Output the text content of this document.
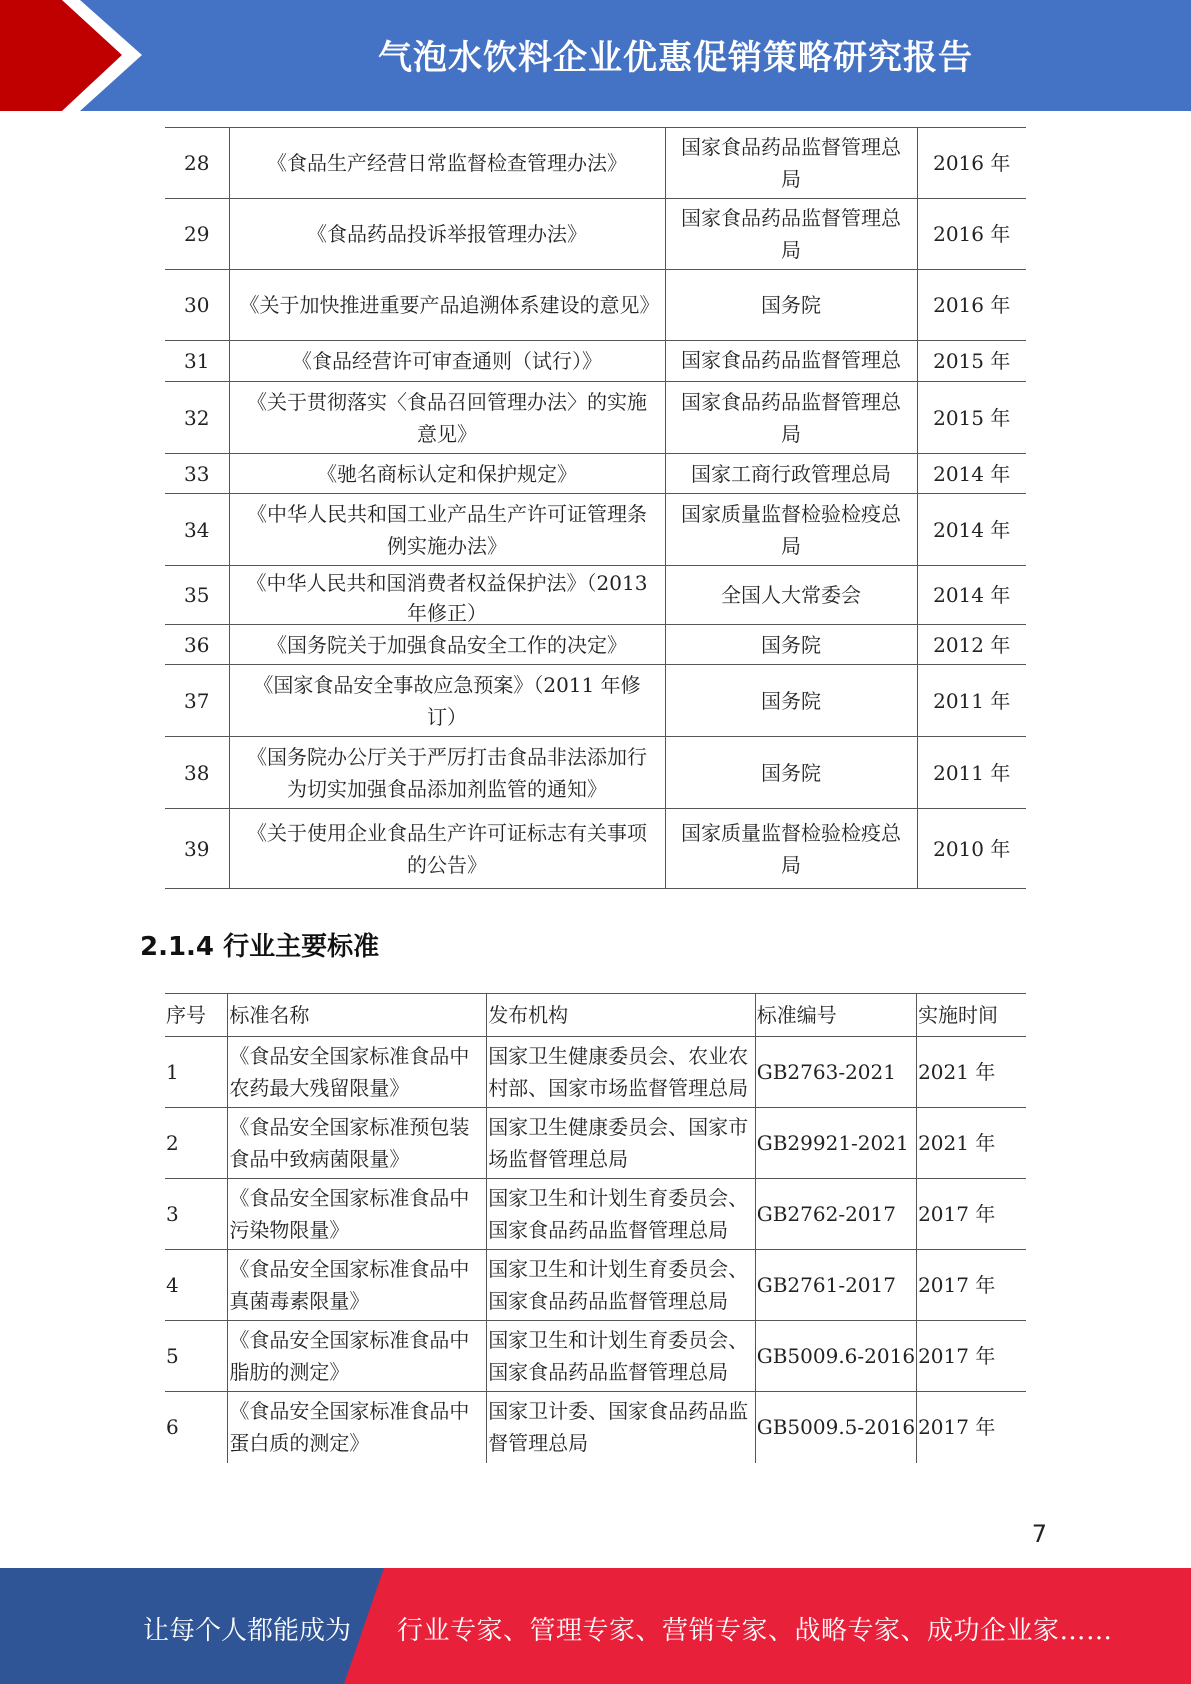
气泡水饮料企业优惠促销策略研究报告
28	《食品生产经营日常监督检查管理办法》	国家食品药品监督管理总局	2016 年
29	《食品药品投诉举报管理办法》	国家食品药品监督管理总局	2016 年
30	《关于加快推进重要产品追溯体系建设的意见》	国务院	2016 年
31	《食品经营许可审查通则（试行）》	国家食品药品监督管理总	2015 年
32	《关于贯彻落实〈食品召回管理办法〉的实施意见》	国家食品药品监督管理总局	2015 年
33	《驰名商标认定和保护规定》	国家工商行政管理总局	2014 年
34	《中华人民共和国工业产品生产许可证管理条例实施办法》	国家质量监督检验检疫总局	2014 年
35	《中华人民共和国消费者权益保护法》（2013 年修正）	全国人大常委会	2014 年
36	《国务院关于加强食品安全工作的决定》	国务院	2012 年
37	《国家食品安全事故应急预案》（2011 年修订）	国务院	2011 年
38	《国务院办公厅关于严厉打击食品非法添加行为切实加强食品添加剂监管的通知》	国务院	2011 年
39	《关于使用企业食品生产许可证标志有关事项的公告》	国家质量监督检验检疫总局	2010 年
2.1.4 行业主要标准
序号	标准名称	发布机构	标准编号	实施时间
1	《食品安全国家标准食品中农药最大残留限量》	国家卫生健康委员会、农业农村部、国家市场监督管理总局	GB2763-2021	2021 年
2	《食品安全国家标准预包装食品中致病菌限量》	国家卫生健康委员会、国家市场监督管理总局	GB29921-2021	2021 年
3	《食品安全国家标准食品中污染物限量》	国家卫生和计划生育委员会、国家食品药品监督管理总局	GB2762-2017	2017 年
4	《食品安全国家标准食品中真菌毒素限量》	国家卫生和计划生育委员会、国家食品药品监督管理总局	GB2761-2017	2017 年
5	《食品安全国家标准食品中脂肪的测定》	国家卫生和计划生育委员会、国家食品药品监督管理总局	GB5009.6-2016	2017 年
6	《食品安全国家标准食品中蛋白质的测定》	国家卫计委、国家食品药品监督管理总局	GB5009.5-2016	2017 年
7
让每个人都能成为 行业专家、管理专家、营销专家、战略专家、成功企业家……
